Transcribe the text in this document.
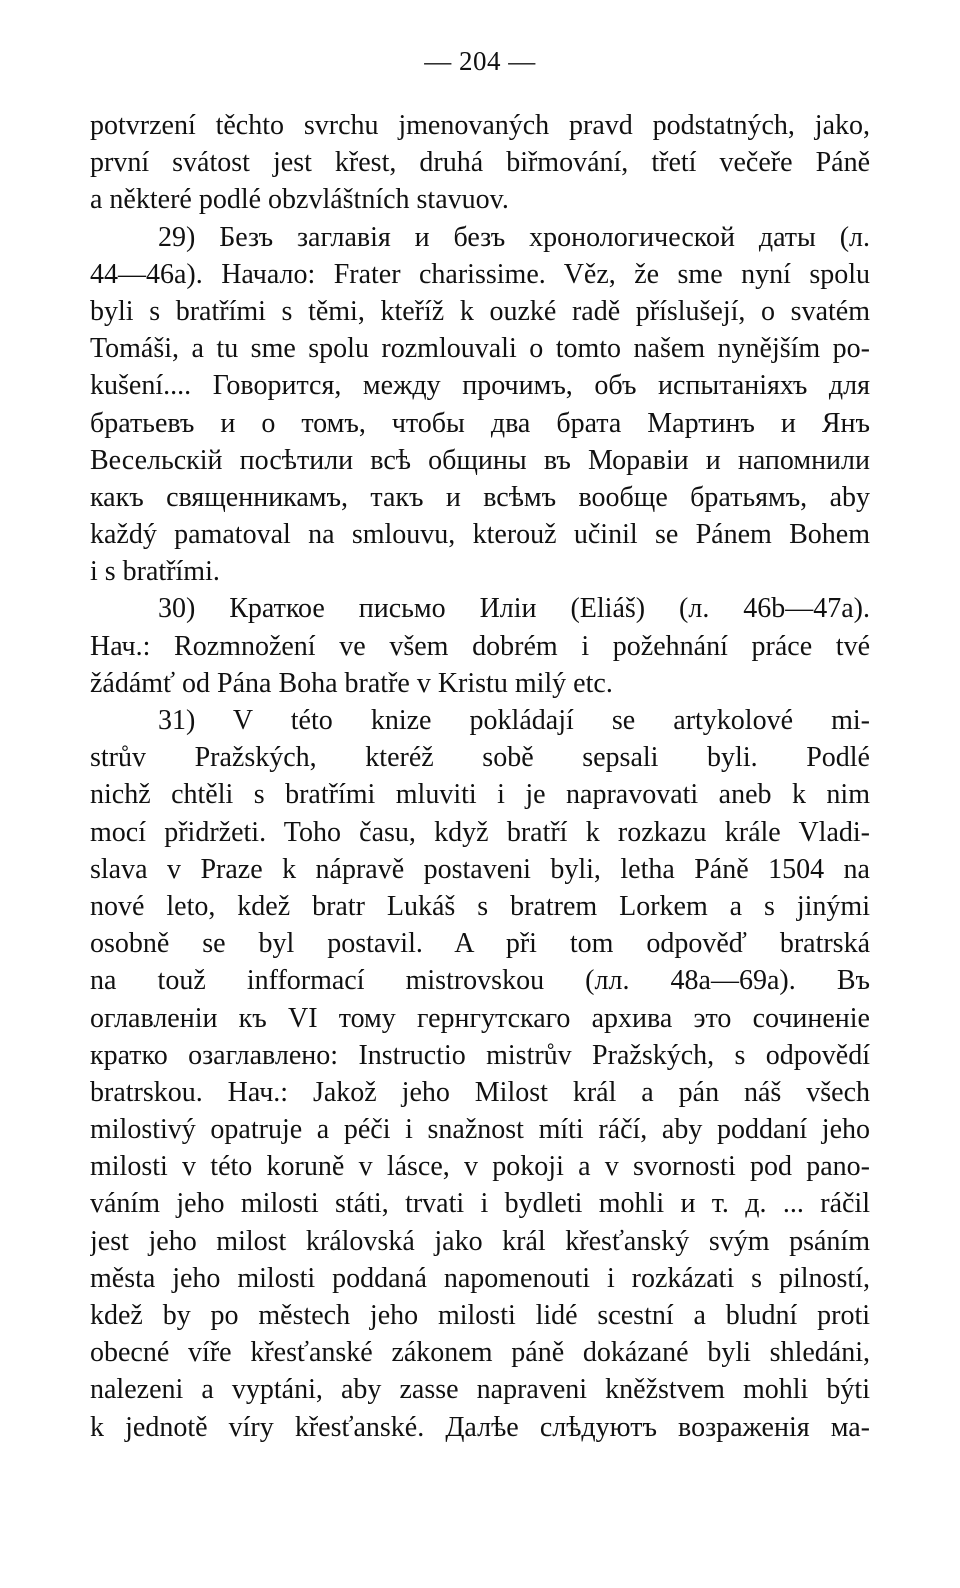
— 204 —
potvrzení těchto svrchu jmenovaných pravd podstatných, jako,
první svátost jest křest, druhá biřmování, třetí večeře Páně
a některé podlé obzvláštních stavuov.
29) Безъ заглавія и безъ хронологической даты (л.
44—46а). Начало: Frater charissime. Věz, že sme nyní spolu
byli s bratřími s těmi, kteříž k ouzké radě příslušejí, o svatém
Tomáši, a tu sme spolu rozmlouvali o tomto našem nynějším po-
kušení.... Говорится, между прочимъ, объ испытаніяхъ для
братьевъ и о томъ, чтобы два брата Мартинъ и Янъ
Весельскій посѣтили всѣ общины въ Моравіи и напомнили
какъ священникамъ, такъ и всѣмъ вообще братьямъ, aby
každý pamatoval na smlouvu, kterouž učinil se Pánem Bohem
i s bratřími.
30) Краткое письмо Иліи (Eliáš) (л. 46b—47а).
Нач.: Rozmnožení ve všem dobrém i požehnání práce tvé
žádámť od Pána Boha bratře v Kristu milý etc.
31) V této knize pokládají se artykolové mi-
strův Pražských, kteréž sobě sepsali byli. Podlé
nichž chtěli s bratřími mluviti i je napravovati aneb k nim
mocí přidržeti. Toho času, když bratří k rozkazu krále Vladi-
slava v Praze k nápravě postaveni byli, letha Páně 1504 na
nové leto, kdež bratr Lukáš s bratrem Lorkem a s jinými
osobně se byl postavil. A při tom odpověď bratrská
na touž infformací mistrovskou (лл. 48а—69а). Въ
оглавленіи къ VI тому гернгутскаго архива это сочиненіе
кратко озаглавлено: Instructio mistrův Pražských, s odpovědí
bratrskou. Нач.: Jakož jeho Milost král a pán náš všech
milostivý opatruje a péči i snažnost míti ráčí, aby poddaní jeho
milosti v této koruně v lásce, v pokoji a v svornosti pod pano-
váním jeho milosti státi, trvati i bydleti mohli и т. д. ... ráčil
jest jeho milost královská jako král křesťanský svým psáním
města jeho milosti poddaná napomenouti i rozkázati s pilností,
kdež by po městech jeho milosti lidé scestní a bludní proti
obecné víře křesťanské zákonem páně dokázané byli shledáni,
nalezeni a vyptáni, aby zasse napraveni kněžstvem mohli býti
k jednotě víry křesťanské. Далѣе слѣдуютъ возраженія ма-
